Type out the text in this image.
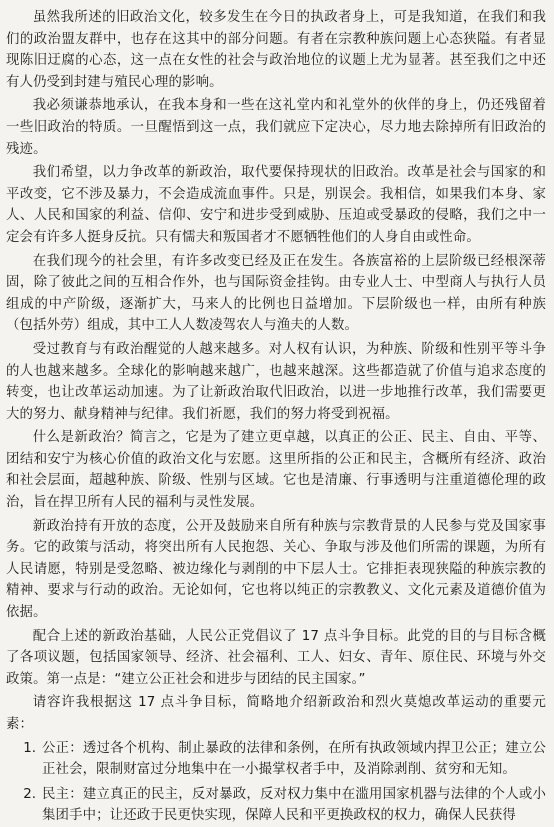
虽然我所述的旧政治文化，较多发生在今日的执政者身上，可是我知道，在我们和我们的政治盟友群中，也存在这其中的部分问题。有者在宗教种族问题上心态狭隘。有者显现陈旧迂腐的心态，这一点在女性的社会与政治地位的议题上尤为显著。甚至我们之中还有人仍受到封建与殖民心理的影响。

我必须谦恭地承认，在我本身和一些在这礼堂内和礼堂外的伙伴的身上，仍还残留着一些旧政治的特质。一旦醒悟到这一点，我们就应下定决心，尽力地去除掉所有旧政治的残迹。

我们希望，以力争改革的新政治，取代要保持现状的旧政治。改革是社会与国家的和平改变，它不涉及暴力，不会造成流血事件。只是，别误会。我相信，如果我们本身、家人、人民和国家的利益、信仰、安宁和进步受到威胁、压迫或受暴政的侵略，我们之中一定会有许多人挺身反抗。只有懦夫和叛国者才不愿牺牲他们的人身自由或性命。

在我们现今的社会里，有许多改变已经及正在发生。各族富裕的上层阶级已经根深蒂固，除了彼此之间的互相合作外，也与国际资金挂钩。由专业人士、中型商人与执行人员组成的中产阶级，逐渐扩大，马来人的比例也日益增加。下层阶级也一样，由所有种族（包括外劳）组成，其中工人人数凌驾农人与渔夫的人数。

受过教育与有政治醒觉的人越来越多。对人权有认识，为种族、阶级和性别平等斗争的人也越来越多。全球化的影响越来越广，也越来越深。这些都造就了价值与追求态度的转变，也让改革运动加速。为了让新政治取代旧政治，以进一步地推行改革，我们需要更大的努力、献身精神与纪律。我们祈愿，我们的努力将受到祝福。

什么是新政治？简言之，它是为了建立更卓越，以真正的公正、民主、自由、平等、团结和安宁为核心价值的政治文化与宏愿。这里所指的公正和民主，含概所有经济、政治和社会层面，超越种族、阶级、性别与区域。它也是清廉、行事透明与注重道德伦理的政治，旨在捍卫所有人民的福利与灵性发展。

新政治持有开放的态度，公开及鼓励来自所有种族与宗教背景的人民参与党及国家事务。它的政策与活动，将突出所有人民抱怨、关心、争取与涉及他们所需的课题，为所有人民请愿，特别是受忽略、被边缘化与剥削的中下层人士。它排拒表现狭隘的种族宗教的精神、要求与行动的政治。无论如何，它也将以纯正的宗教教义、文化元素及道德价值为依据。

配合上述的新政治基础，人民公正党倡议了 17 点斗争目标。此党的目的与目标含概了各项议题，包括国家领导、经济、社会福利、工人、妇女、青年、原住民、环境与外交政策。第一点是：“建立公正社会和进步与团结的民主国家。”

请容许我根据这 17 点斗争目标，简略地介绍新政治和烈火莫熄改革运动的重要元素：

1. 公正：透过各个机构、制止暴政的法律和条例，在所有执政领域内捍卫公正；建立公正社会，限制财富过分地集中在一小撮掌权者手中，及消除剥削、贫穷和无知。
2. 民主：建立真正的民主，反对暴政，反对权力集中在滥用国家机器与法律的个人或小集团手中；让还政于民更快实现，保障人民和平更换政权的权力，确保人民获得
